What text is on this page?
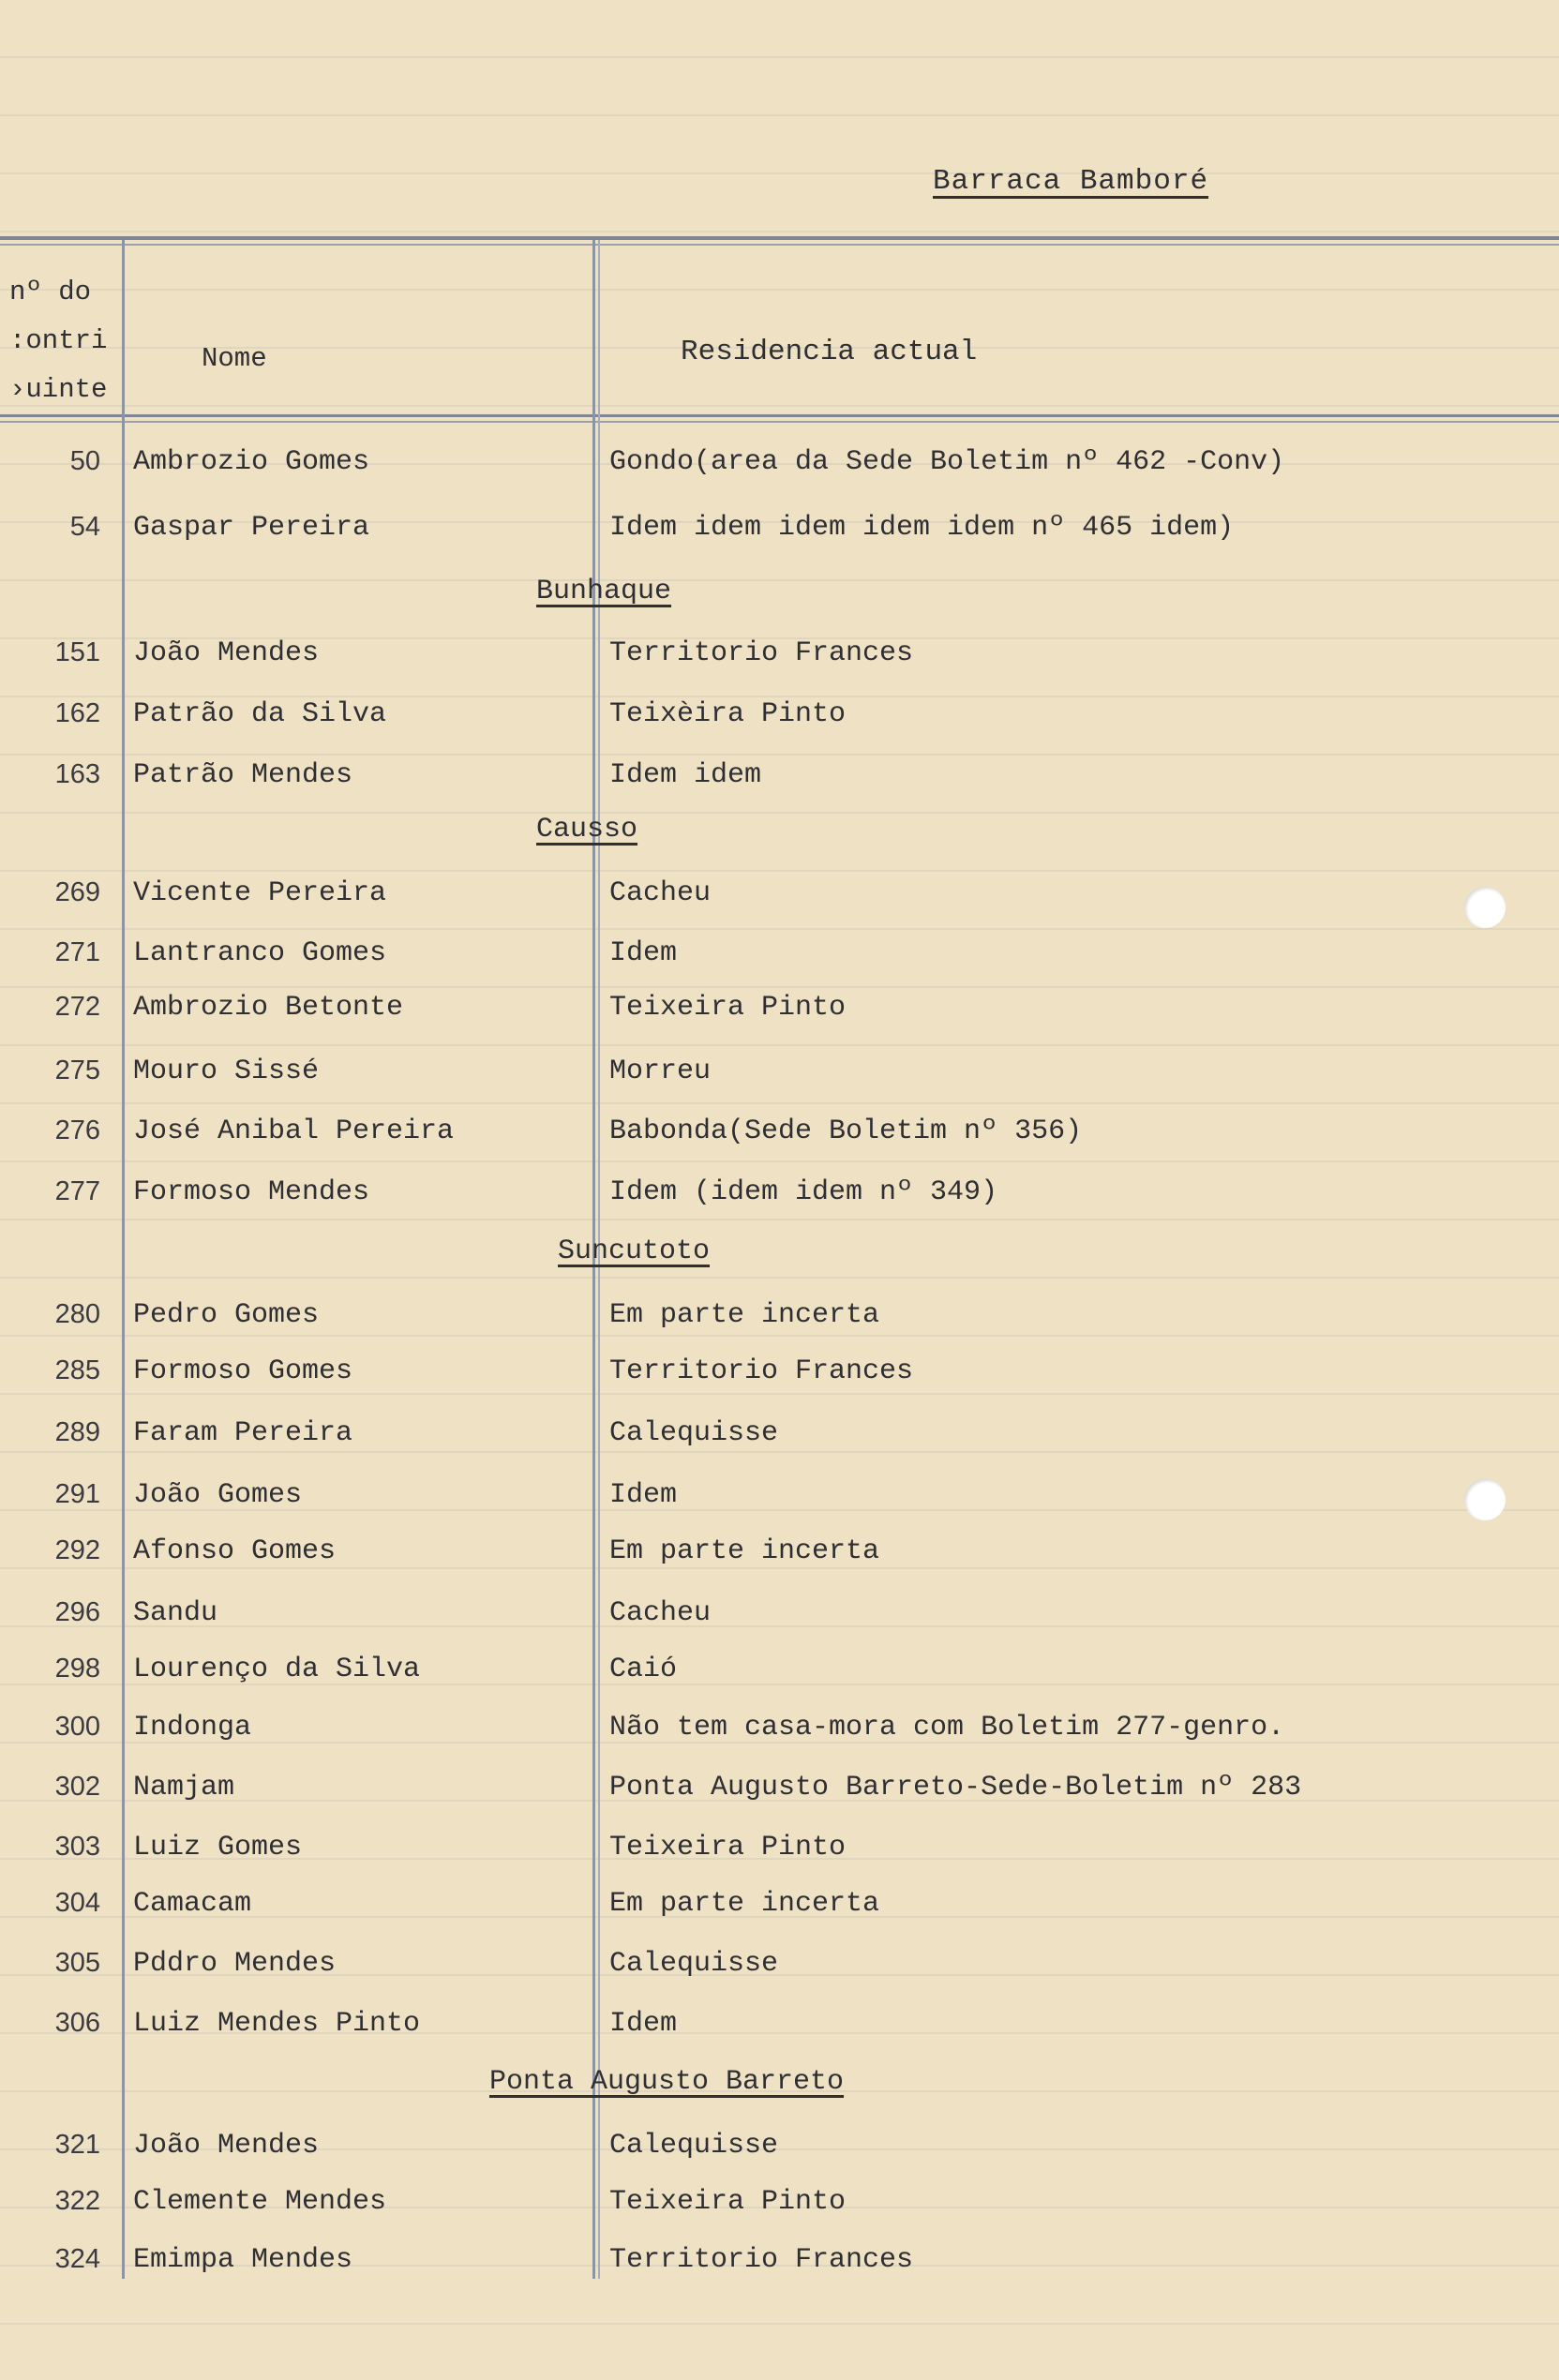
Barraca Bamboré
nº do
:ontri
›uinte
Nome	Residencia actual
50 Ambrozio Gomes	Gondo(area da Sede Boletim nº 462 -Conv)
54 Gaspar Pereira	Idem idem idem idem idem nº 465 idem)
Bunhaque
151 João Mendes	Territorio Frances
162 Patrão da Silva	Teixèira Pinto
163 Patrão Mendes	Idem idem
Causso
269 Vicente Pereira	Cacheu
271 Lantranco Gomes	Idem
272 Ambrozio Betonte	Teixeira Pinto
275 Mouro Sissé	Morreu
276 José Anibal Pereira	Babonda(Sede Boletim nº 356)
277 Formoso Mendes	Idem (idem idem nº 349)
Suncutoto
280 Pedro Gomes	Em parte incerta
285 Formoso Gomes	Territorio Frances
289 Faram Pereira	Calequisse
291 João Gomes	Idem
292 Afonso Gomes	Em parte incerta
296 Sandu	Cacheu
298 Lourenço da Silva	Caió
300 Indonga	Não tem casa-mora com Boletim 277-genro.
302 Namjam	Ponta Augusto Barreto-Sede-Boletim nº 283
303 Luiz Gomes	Teixeira Pinto
304 Camacam	Em parte incerta
305 Pddro Mendes	Calequisse
306 Luiz Mendes Pinto	Idem
Ponta Augusto Barreto
321 João Mendes	Calequisse
322 Clemente Mendes	Teixeira Pinto
324 Emimpa Mendes	Territorio Frances
